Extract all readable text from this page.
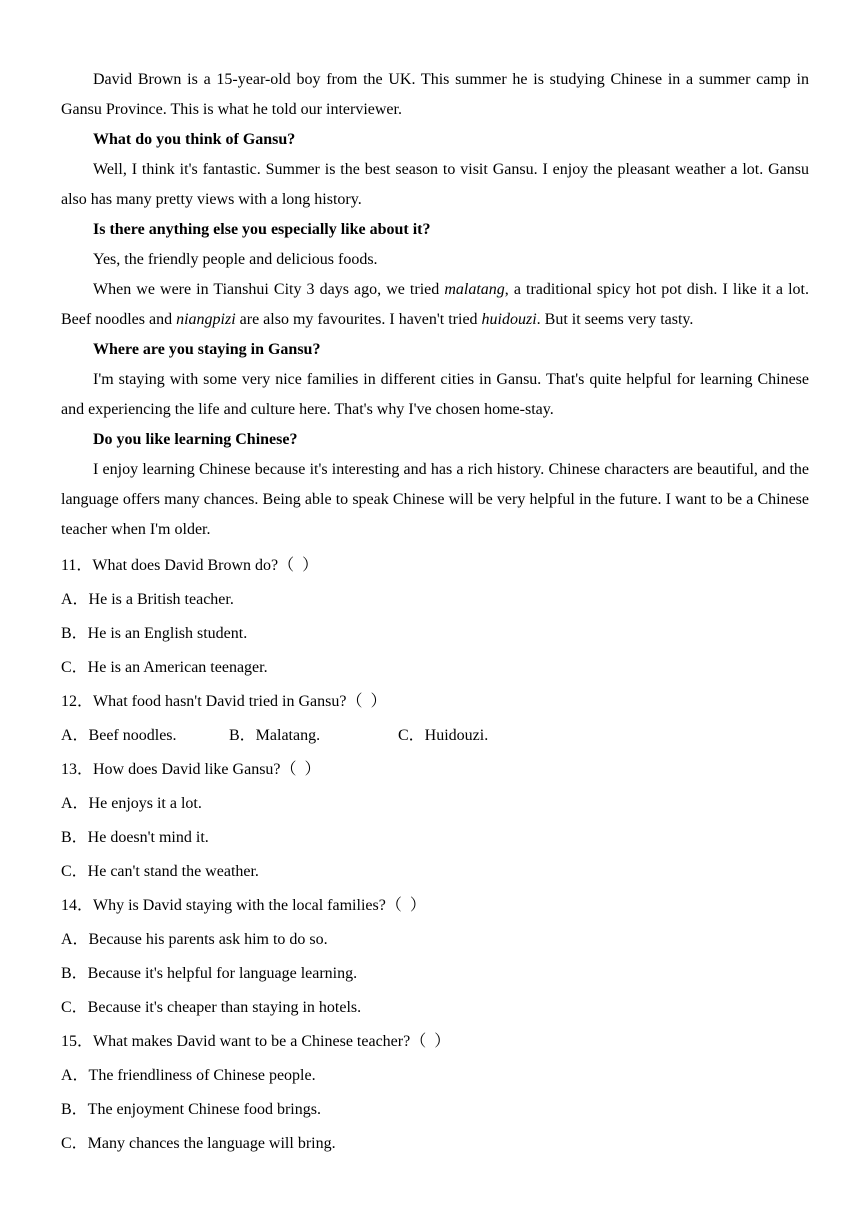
David Brown is a 15-year-old boy from the UK. This summer he is studying Chinese in a summer camp in Gansu Province. This is what he told our interviewer.

What do you think of Gansu?

Well, I think it's fantastic. Summer is the best season to visit Gansu. I enjoy the pleasant weather a lot. Gansu also has many pretty views with a long history.

Is there anything else you especially like about it?

Yes, the friendly people and delicious foods.

When we were in Tianshui City 3 days ago, we tried malatang, a traditional spicy hot pot dish. I like it a lot. Beef noodles and niangpizi are also my favourites. I haven't tried huidouzi. But it seems very tasty.

Where are you staying in Gansu?

I'm staying with some very nice families in different cities in Gansu. That's quite helpful for learning Chinese and experiencing the life and culture here. That's why I've chosen home-stay.

Do you like learning Chinese?

I enjoy learning Chinese because it's interesting and has a rich history. Chinese characters are beautiful, and the language offers many chances. Being able to speak Chinese will be very helpful in the future. I want to be a Chinese teacher when I'm older.

11．What does David Brown do?（  ）

A．He is a British teacher.

B．He is an English student.

C．He is an American teenager.

12．What food hasn't David tried in Gansu?（  ）

A．Beef noodles.	B．Malatang.	C．Huidouzi.

13．How does David like Gansu?（  ）

A．He enjoys it a lot.

B．He doesn't mind it.

C．He can't stand the weather.

14．Why is David staying with the local families?（  ）

A．Because his parents ask him to do so.

B．Because it's helpful for language learning.

C．Because it's cheaper than staying in hotels.

15．What makes David want to be a Chinese teacher?（  ）

A．The friendliness of Chinese people.

B．The enjoyment Chinese food brings.

C．Many chances the language will bring.
